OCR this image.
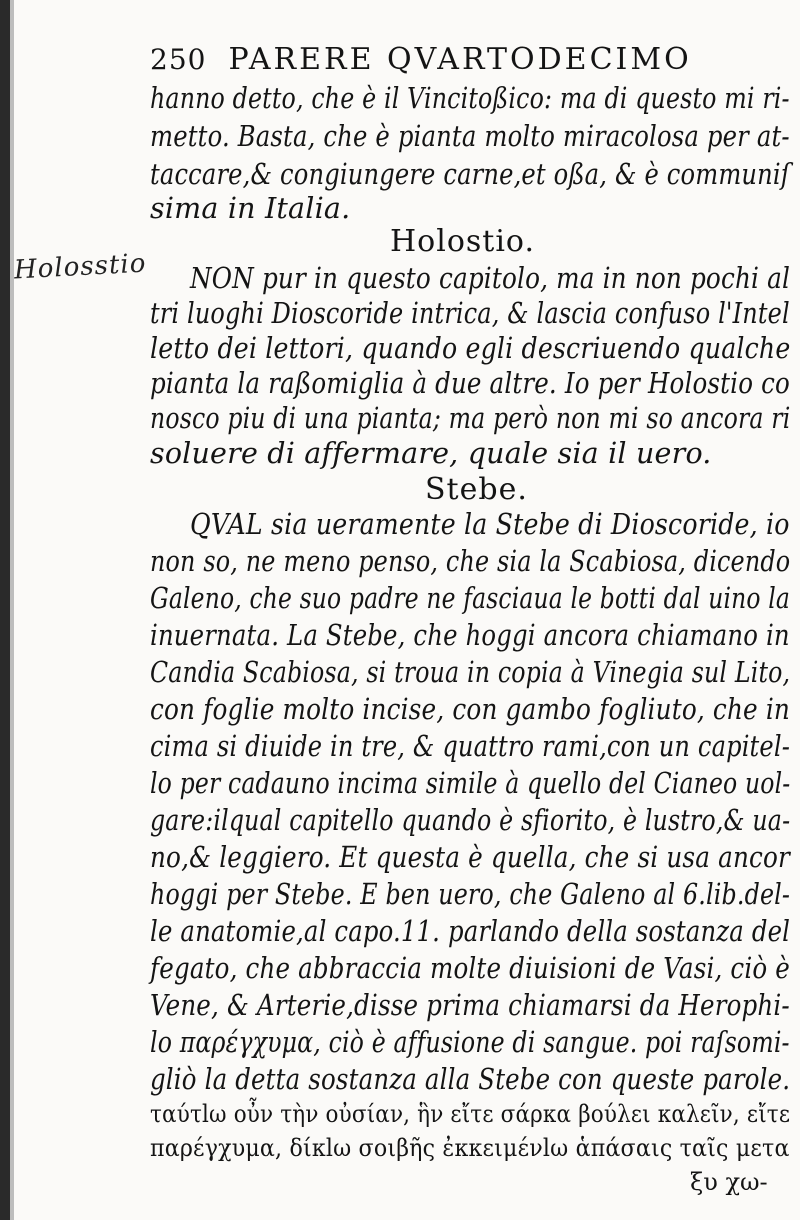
Holosstio
250 PARERE QVARTODECIMO
hanno detto, che è il Vincitoßico: ma di questo mi ri-
metto. Basta, che è pianta molto miracolosa per at-
taccare,& congiungere carne,et oßa, & è communiſ
sima in Italia.
Holostio.
NON pur in questo capitolo, ma in non pochi al
tri luoghi Dioscoride intrica, & lascia confuso l'Intel
letto dei lettori, quando egli descriuendo qualche
pianta la raßomiglia à due altre. Io per Holostio co
nosco piu di una pianta; ma però non mi so ancora ri
soluere di affermare, quale sia il uero.
Stebe.
QVAL sia ueramente la Stebe di Dioscoride, io
non so, ne meno penso, che sia la Scabiosa, dicendo
Galeno, che suo padre ne fasciaua le botti dal uino la
inuernata. La Stebe, che hoggi ancora chiamano in
Candia Scabiosa, si troua in copia à Vinegia sul Lito,
con foglie molto incise, con gambo fogliuto, che in
cima si diuide in tre, & quattro rami,con un capitel-
lo per cadauno incima simile à quello del Cianeo uol-
gare:ilqual capitello quando è sfiorito, è lustro,& ua-
no,& leggiero. Et questa è quella, che si usa ancor
hoggi per Stebe. E ben uero, che Galeno al 6.lib.del-
le anatomie,al capo.11. parlando della sostanza del
fegato, che abbraccia molte diuisioni de Vasi, ciò è
Vene, & Arterie,disse prima chiamarsi da Herophi-
lo παρέγχυμα, ciò è affusione di sangue. poi raſsomi-
gliò la detta sostanza alla Stebe con queste parole.
ταύτlω οὖν τὴν οὐσίαν, ἣν εἴτε σάρκα βούλει καλεῖν, εἴτε
παρέγχυμα, δίκlω σοιβῆς ἐκκειμένlω ἁπάσαις ταῖς μετα
ξυ χω-
